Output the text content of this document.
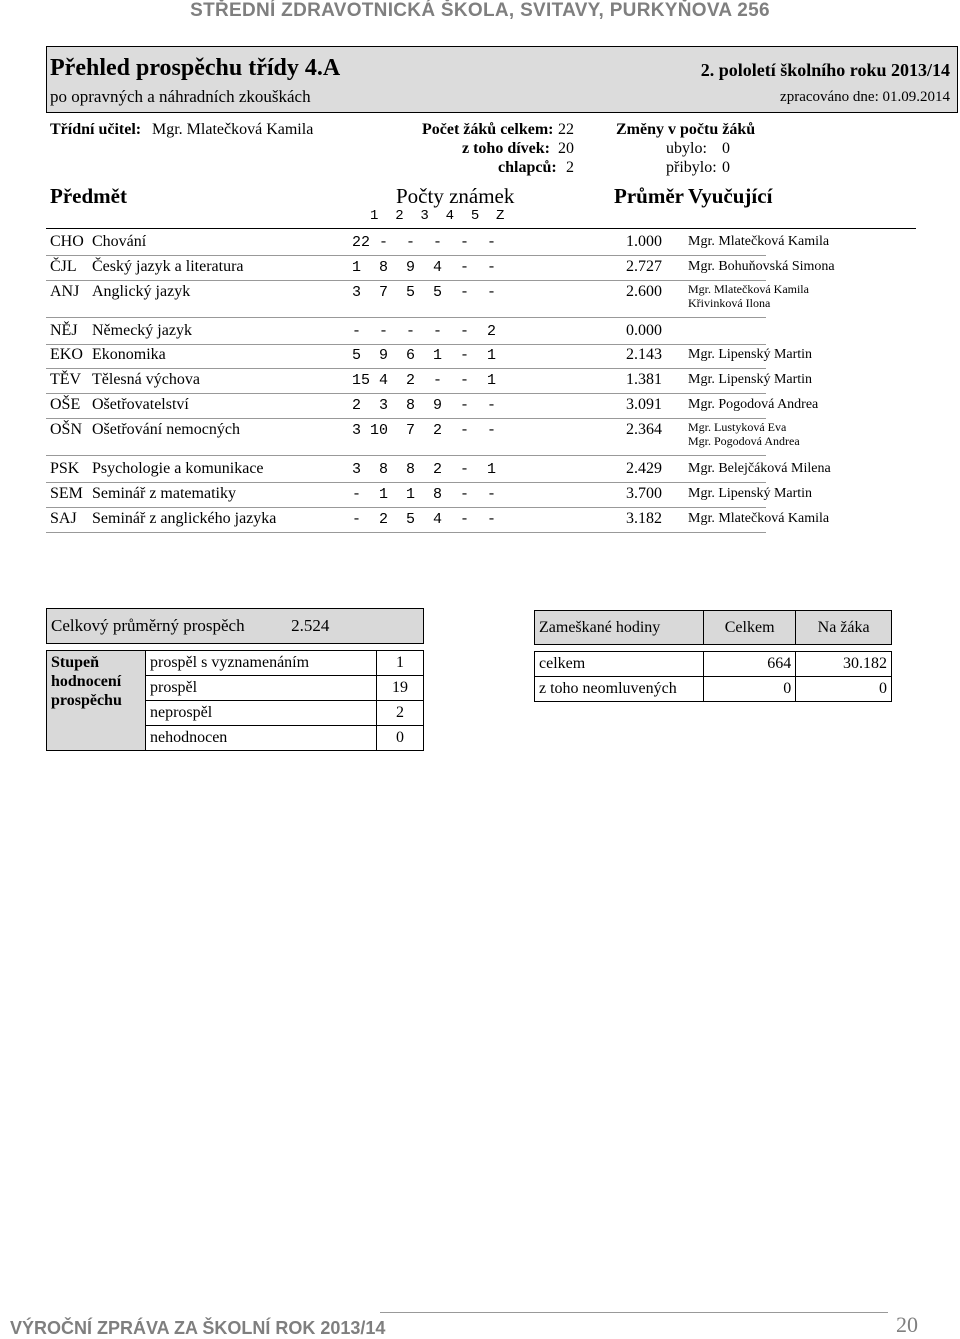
STŘEDNÍ ZDRAVOTNICKÁ ŠKOLA, SVITAVY, PURKYŇOVA 256
Přehled prospěchu třídy 4.A	2. pololetí školního roku 2013/14
po opravných a náhradních zkouškách	zpracováno dne: 01.09.2014
Třídní učitel: Mgr. Mlatečková Kamila	Počet žáků celkem: 22
z toho dívek: 20
chlapců: 2
Změny v počtu žáků
ubylo: 0
přibylo: 0
Předmět	Počty známek
1  2  3  4  5  Z
Průměr Vyučující
CHO Chování	22 -  -  -  -  -	1.000 Mgr. Mlatečková Kamila
ČJL Český jazyk a literatura	1  8  9  4  -  -	2.727 Mgr. Bohuňovská Simona
ANJ Anglický jazyk	3  7  5  5  -  -	2.600 Mgr. Mlatečková Kamila
Křivinková Ilona
NĚJ Německý jazyk	-  -  -  -  -  2	0.000
EKO Ekonomika	5  9  6  1  -  1	2.143 Mgr. Lipenský Martin
TĚV Tělesná výchova	15 4  2  -  -  1	1.381 Mgr. Lipenský Martin
OŠE Ošetřovatelství	2  3  8  9  -  -	3.091 Mgr. Pogodová Andrea
OŠN Ošetřování nemocných	3 10  7  2  -  -	2.364 Mgr. Lustyková Eva
Mgr. Pogodová Andrea
PSK Psychologie a komunikace	3  8  8  2  -  1	2.429 Mgr. Belejčáková Milena
SEM Seminář z matematiky	-  1  1  8  -  -	3.700 Mgr. Lipenský Martin
SAJ Seminář z anglického jazyka	-  2  5  4  -  -	3.182 Mgr. Mlatečková Kamila
Celkový průměrný prospěch 2.524		

Stupeň hodnocení prospěchu	prospěl s vyznamenáním	1
	prospěl	19
	neprospěl	2
	nehodnocen	0
Zameškané hodiny	Celkem	Na žáka

celkem	664	30.182
z toho neomluvených	0	0
VÝROČNÍ ZPRÁVA ZA ŠKOLNÍ ROK 2013/14	20
